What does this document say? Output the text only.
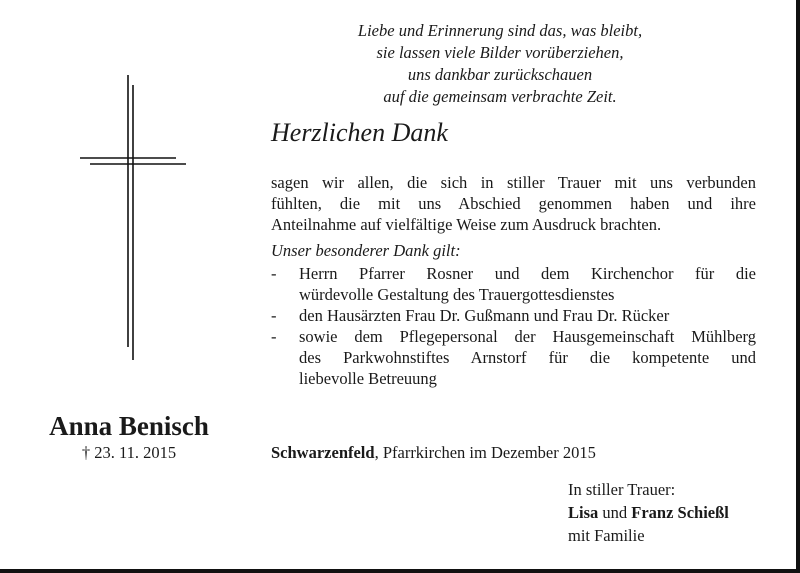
Liebe und Erinnerung sind das, was bleibt,
sie lassen viele Bilder vorüberziehen,
uns dankbar zurückschauen
auf die gemeinsam verbrachte Zeit.
Herzlichen Dank
sagen wir allen, die sich in stiller Trauer mit uns verbunden
fühlten, die mit uns Abschied genommen haben und ihre
Anteilnahme auf vielfältige Weise zum Ausdruck brachten.
Unser besonderer Dank gilt:
- Herrn Pfarrer Rosner und dem Kirchenchor für die
würdevolle Gestaltung des Trauergottesdienstes
- den Hausärzten Frau Dr. Gußmann und Frau Dr. Rücker
- sowie dem Pflegepersonal der Hausgemeinschaft Mühlberg
des Parkwohnstiftes Arnstorf für die kompetente und
liebevolle Betreuung
Anna Benisch
† 23. 11. 2015	Schwarzenfeld, Pfarrkirchen im Dezember 2015
In stiller Trauer:
Lisa und Franz Schießl
mit Familie
